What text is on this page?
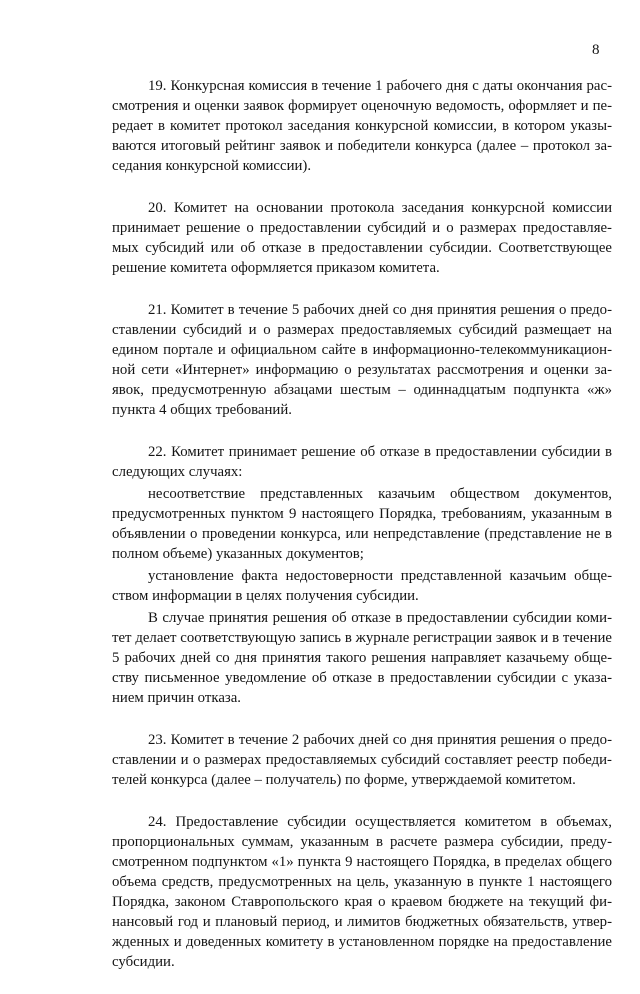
8
19. Конкурсная комиссия в течение 1 рабочего дня с даты окончания рас-
смотрения и оценки заявок формирует оценочную ведомость, оформляет и пе-
редает в комитет протокол заседания конкурсной комиссии, в котором указы-
ваются итоговый рейтинг заявок и победители конкурса (далее – протокол за-
седания конкурсной комиссии).
20. Комитет на основании протокола заседания конкурсной комиссии
принимает решение о предоставлении субсидий и о размерах предоставляе-
мых субсидий или об отказе в предоставлении субсидии. Соответствующее
решение комитета оформляется приказом комитета.
21. Комитет в течение 5 рабочих дней со дня принятия решения о предо-
ставлении субсидий и о размерах предоставляемых субсидий размещает на
едином портале и официальном сайте в информационно-телекоммуникацион-
ной сети «Интернет» информацию о результатах рассмотрения и оценки за-
явок, предусмотренную абзацами шестым – одиннадцатым подпункта «ж»
пункта 4 общих требований.
22. Комитет принимает решение об отказе в предоставлении субсидии в
следующих случаях:
несоответствие представленных казачьим обществом документов,
предусмотренных пунктом 9 настоящего Порядка, требованиям, указанным в
объявлении о проведении конкурса, или непредставление (представление не в
полном объеме) указанных документов;
установление факта недостоверности представленной казачьим обще-
ством информации в целях получения субсидии.
В случае принятия решения об отказе в предоставлении субсидии коми-
тет делает соответствующую запись в журнале регистрации заявок и в течение
5 рабочих дней со дня принятия такого решения направляет казачьему обще-
ству письменное уведомление об отказе в предоставлении субсидии с указа-
нием причин отказа.
23. Комитет в течение 2 рабочих дней со дня принятия решения о предо-
ставлении и о размерах предоставляемых субсидий составляет реестр победи-
телей конкурса (далее – получатель) по форме, утверждаемой комитетом.
24. Предоставление субсидии осуществляется комитетом в объемах,
пропорциональных суммам, указанным в расчете размера субсидии, преду-
смотренном подпунктом «1» пункта 9 настоящего Порядка, в пределах общего
объема средств, предусмотренных на цель, указанную в пункте 1 настоящего
Порядка, законом Ставропольского края о краевом бюджете на текущий фи-
нансовый год и плановый период, и лимитов бюджетных обязательств, утвер-
жденных и доведенных комитету в установленном порядке на предоставление
субсидии.
